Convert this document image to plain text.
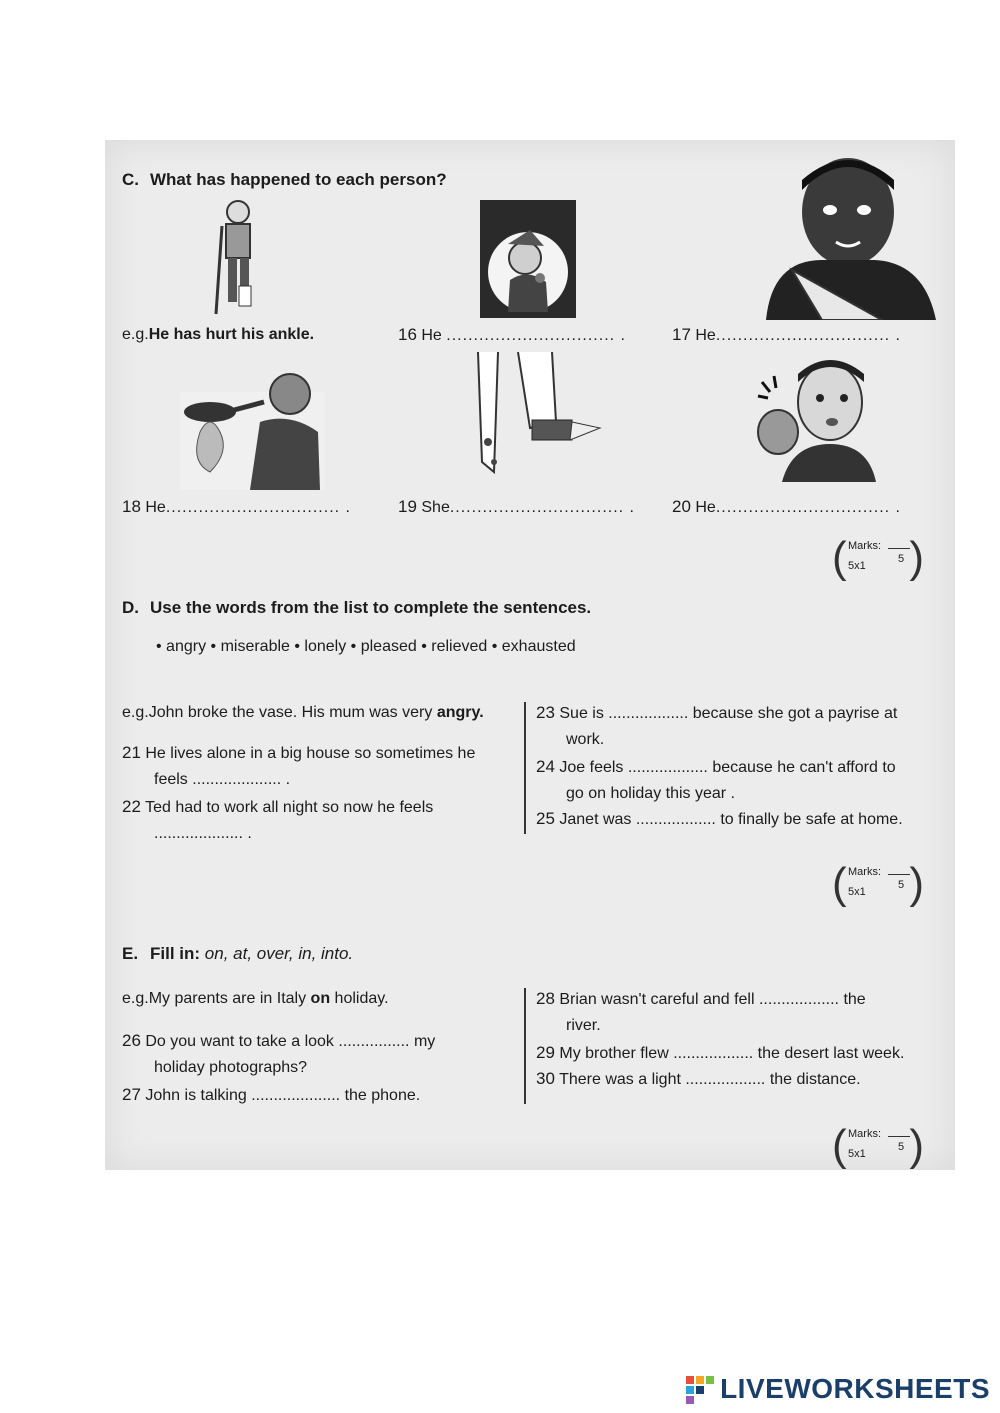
C. What has happened to each person?
e.g.He has hurt his ankle.	16 He ............................... .	17 He................................ .
18 He................................ .	19 She................................ . 20 He................................ .
( Marks:
5
5x1 )
D. Use the words from the list to complete the sentences.
• angry • miserable • lonely • pleased • relieved • exhausted
e.g.John broke the vase. His mum was very angry.
21 He lives alone in a big house so sometimes he
feels .................... .
22 Ted had to work all night so now he feels
.................... .
23 Sue is .................. because she got a payrise at
work.
24 Joe feels .................. because he can't afford to
go on holiday this year .
25 Janet was .................. to finally be safe at home.
( Marks:
5
5x1 )
E. Fill in: on, at, over, in, into.
e.g.My parents are in Italy on holiday.
26 Do you want to take a look ................ my
holiday photographs?
27 John is talking .................... the phone.
28 Brian wasn't careful and fell .................. the
river.
29 My brother flew .................. the desert last week.
30 There was a light .................. the distance.
( Marks:
5
5x1 )
LIVEWORKSHEETS
